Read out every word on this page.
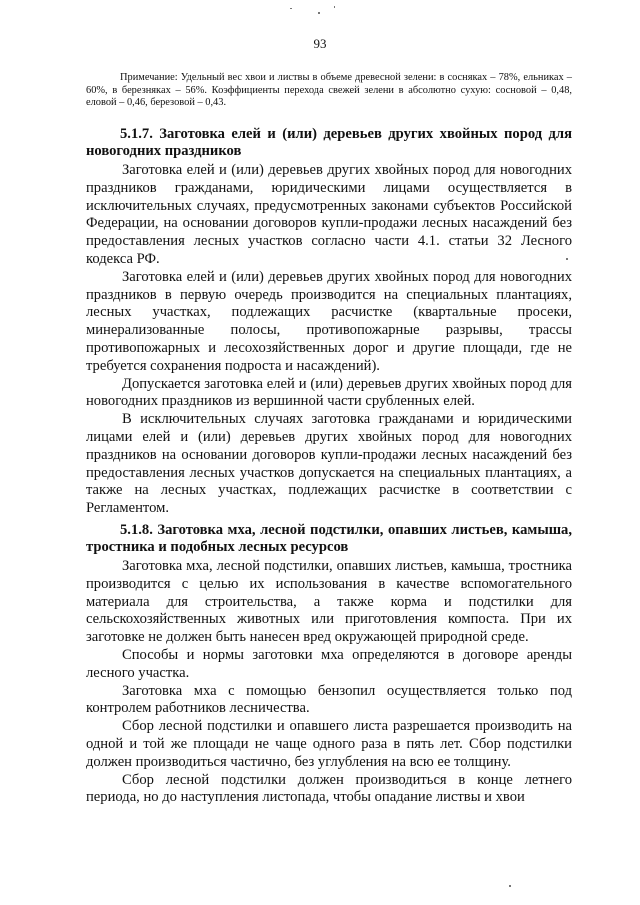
93
Примечание: Удельный вес хвои и листвы в объеме древесной зелени: в сосняках – 78%, ельниках – 60%, в березняках – 56%. Коэффициенты перехода свежей зелени в абсолютно сухую: сосновой – 0,48, еловой – 0,46, березовой – 0,43.
5.1.7. Заготовка елей и (или) деревьев других хвойных пород для новогодних праздников

Заготовка елей и (или) деревьев других хвойных пород для новогодних праздников гражданами, юридическими лицами осуществляется в исключительных случаях, предусмотренных законами субъектов Российской Федерации, на основании договоров купли-продажи лесных насаждений без предоставления лесных участков согласно части 4.1. статьи 32 Лесного кодекса РФ.

Заготовка елей и (или) деревьев других хвойных пород для новогодних праздников в первую очередь производится на специальных плантациях, лесных участках, подлежащих расчистке (квартальные просеки, минерализованные полосы, противопожарные разрывы, трассы противопожарных и лесохозяйственных дорог и другие площади, где не требуется сохранения подроста и насаждений).

Допускается заготовка елей и (или) деревьев других хвойных пород для новогодних праздников из вершинной части срубленных елей.

В исключительных случаях заготовка гражданами и юридическими лицами елей и (или) деревьев других хвойных пород для новогодних праздников на основании договоров купли-продажи лесных насаждений без предоставления лесных участков допускается на специальных плантациях, а также на лесных участках, подлежащих расчистке в соответствии с Регламентом.

5.1.8. Заготовка мха, лесной подстилки, опавших листьев, камыша, тростника и подобных лесных ресурсов

Заготовка мха, лесной подстилки, опавших листьев, камыша, тростника производится с целью их использования в качестве вспомогательного материала для строительства, а также корма и подстилки для сельскохозяйственных животных или приготовления компоста. При их заготовке не должен быть нанесен вред окружающей природной среде.

Способы и нормы заготовки мха определяются в договоре аренды лесного участка.

Заготовка мха с помощью бензопил осуществляется только под контролем работников лесничества.

Сбор лесной подстилки и опавшего листа разрешается производить на одной и той же площади не чаще одного раза в пять лет. Сбор подстилки должен производиться частично, без углубления на всю ее толщину.

Сбор лесной подстилки должен производиться в конце летнего периода, но до наступления листопада, чтобы опадание листвы и хвои
